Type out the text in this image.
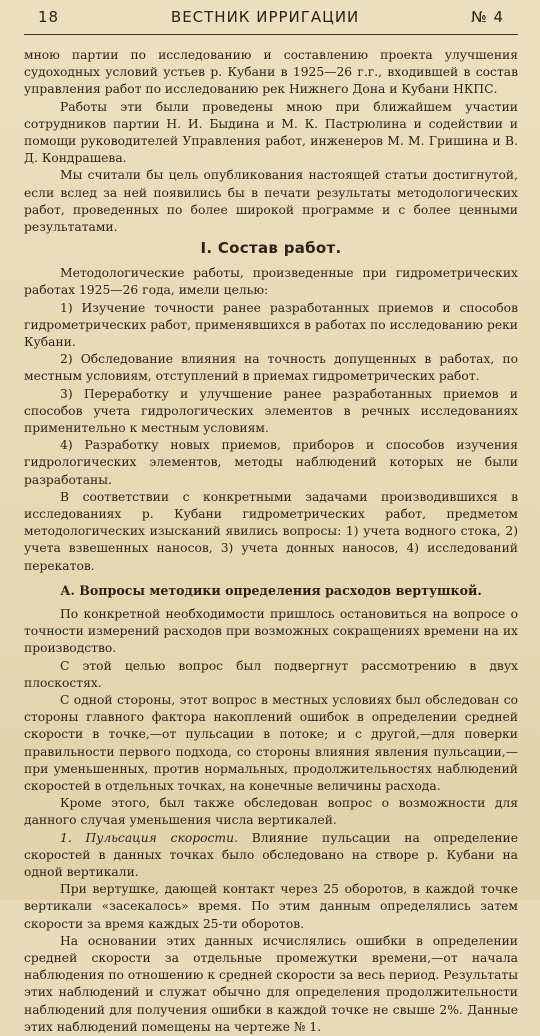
18	ВЕСТНИК ИРРИГАЦИИ	№ 4

мною партии по исследованию и составлению проекта улучшения судоходных условий устьев р. Кубани в 1925—26 г.г., входившей в состав управления работ по исследованию рек Нижнего Дона и Кубани НКПС.

Работы эти были проведены мною при ближайшем участии сотрудников партии Н. И. Быдина и М. К. Пастрюлина и содействии и помощи руководителей Управления работ, инженеров М. М. Гришина и В. Д. Кондрашева.

Мы считали бы цель опубликования настоящей статьи достигнутой, если вслед за ней появились бы в печати результаты методологических работ, проведенных по более широкой программе и с более ценными результатами.

I. Состав работ.

Методологические работы, произведенные при гидрометрических работах 1925—26 года, имели целью:

1) Изучение точности ранее разработанных приемов и способов гидрометрических работ, применявшихся в работах по исследованию реки Кубани.

2) Обследование влияния на точность допущенных в работах, по местным условиям, отступлений в приемах гидрометрических работ.

3) Переработку и улучшение ранее разработанных приемов и способов учета гидрологических элементов в речных исследованиях применительно к местным условиям.

4) Разработку новых приемов, приборов и способов изучения гидрологических элементов, методы наблюдений которых не были разработаны.

В соответствии с конкретными задачами производившихся в исследованиях р. Кубани гидрометрических работ, предметом методологических изысканий явились вопросы: 1) учета водного стока, 2) учета взвешенных наносов, 3) учета донных наносов, 4) исследований перекатов.

А. Вопросы методики определения расходов вертушкой.

По конкретной необходимости пришлось остановиться на вопросе о точности измерений расходов при возможных сокращениях времени на их производство.

С этой целью вопрос был подвергнут рассмотрению в двух плоскостях.

С одной стороны, этот вопрос в местных условиях был обследован со стороны главного фактора накоплений ошибок в определении средней скорости в точке,—от пульсации в потоке; и с другой,—для поверки правильности первого подхода, со стороны влияния явления пульсации,—при уменьшенных, против нормальных, продолжительностях наблюдений скоростей в отдельных точках, на конечные величины расхода.

Кроме этого, был также обследован вопрос о возможности для данного случая уменьшения числа вертикалей.

1. Пульсация скорости. Влияние пульсации на определение скоростей в данных точках было обследовано на створе р. Кубани на одной вертикали.

При вертушке, дающей контакт через 25 оборотов, в каждой точке вертикали «засекалось» время. По этим данным определялись затем скорости за время каждых 25-ти оборотов.

На основании этих данных исчислялись ошибки в определении средней скорости за отдельные промежутки времени,—от начала наблюдения по отношению к средней скорости за весь период. Результаты этих наблюдений и служат обычно для определения продолжительности наблюдений для получения ошибки в каждой точке не свыше 2%. Данные этих наблюдений помещены на чертеже № 1.
